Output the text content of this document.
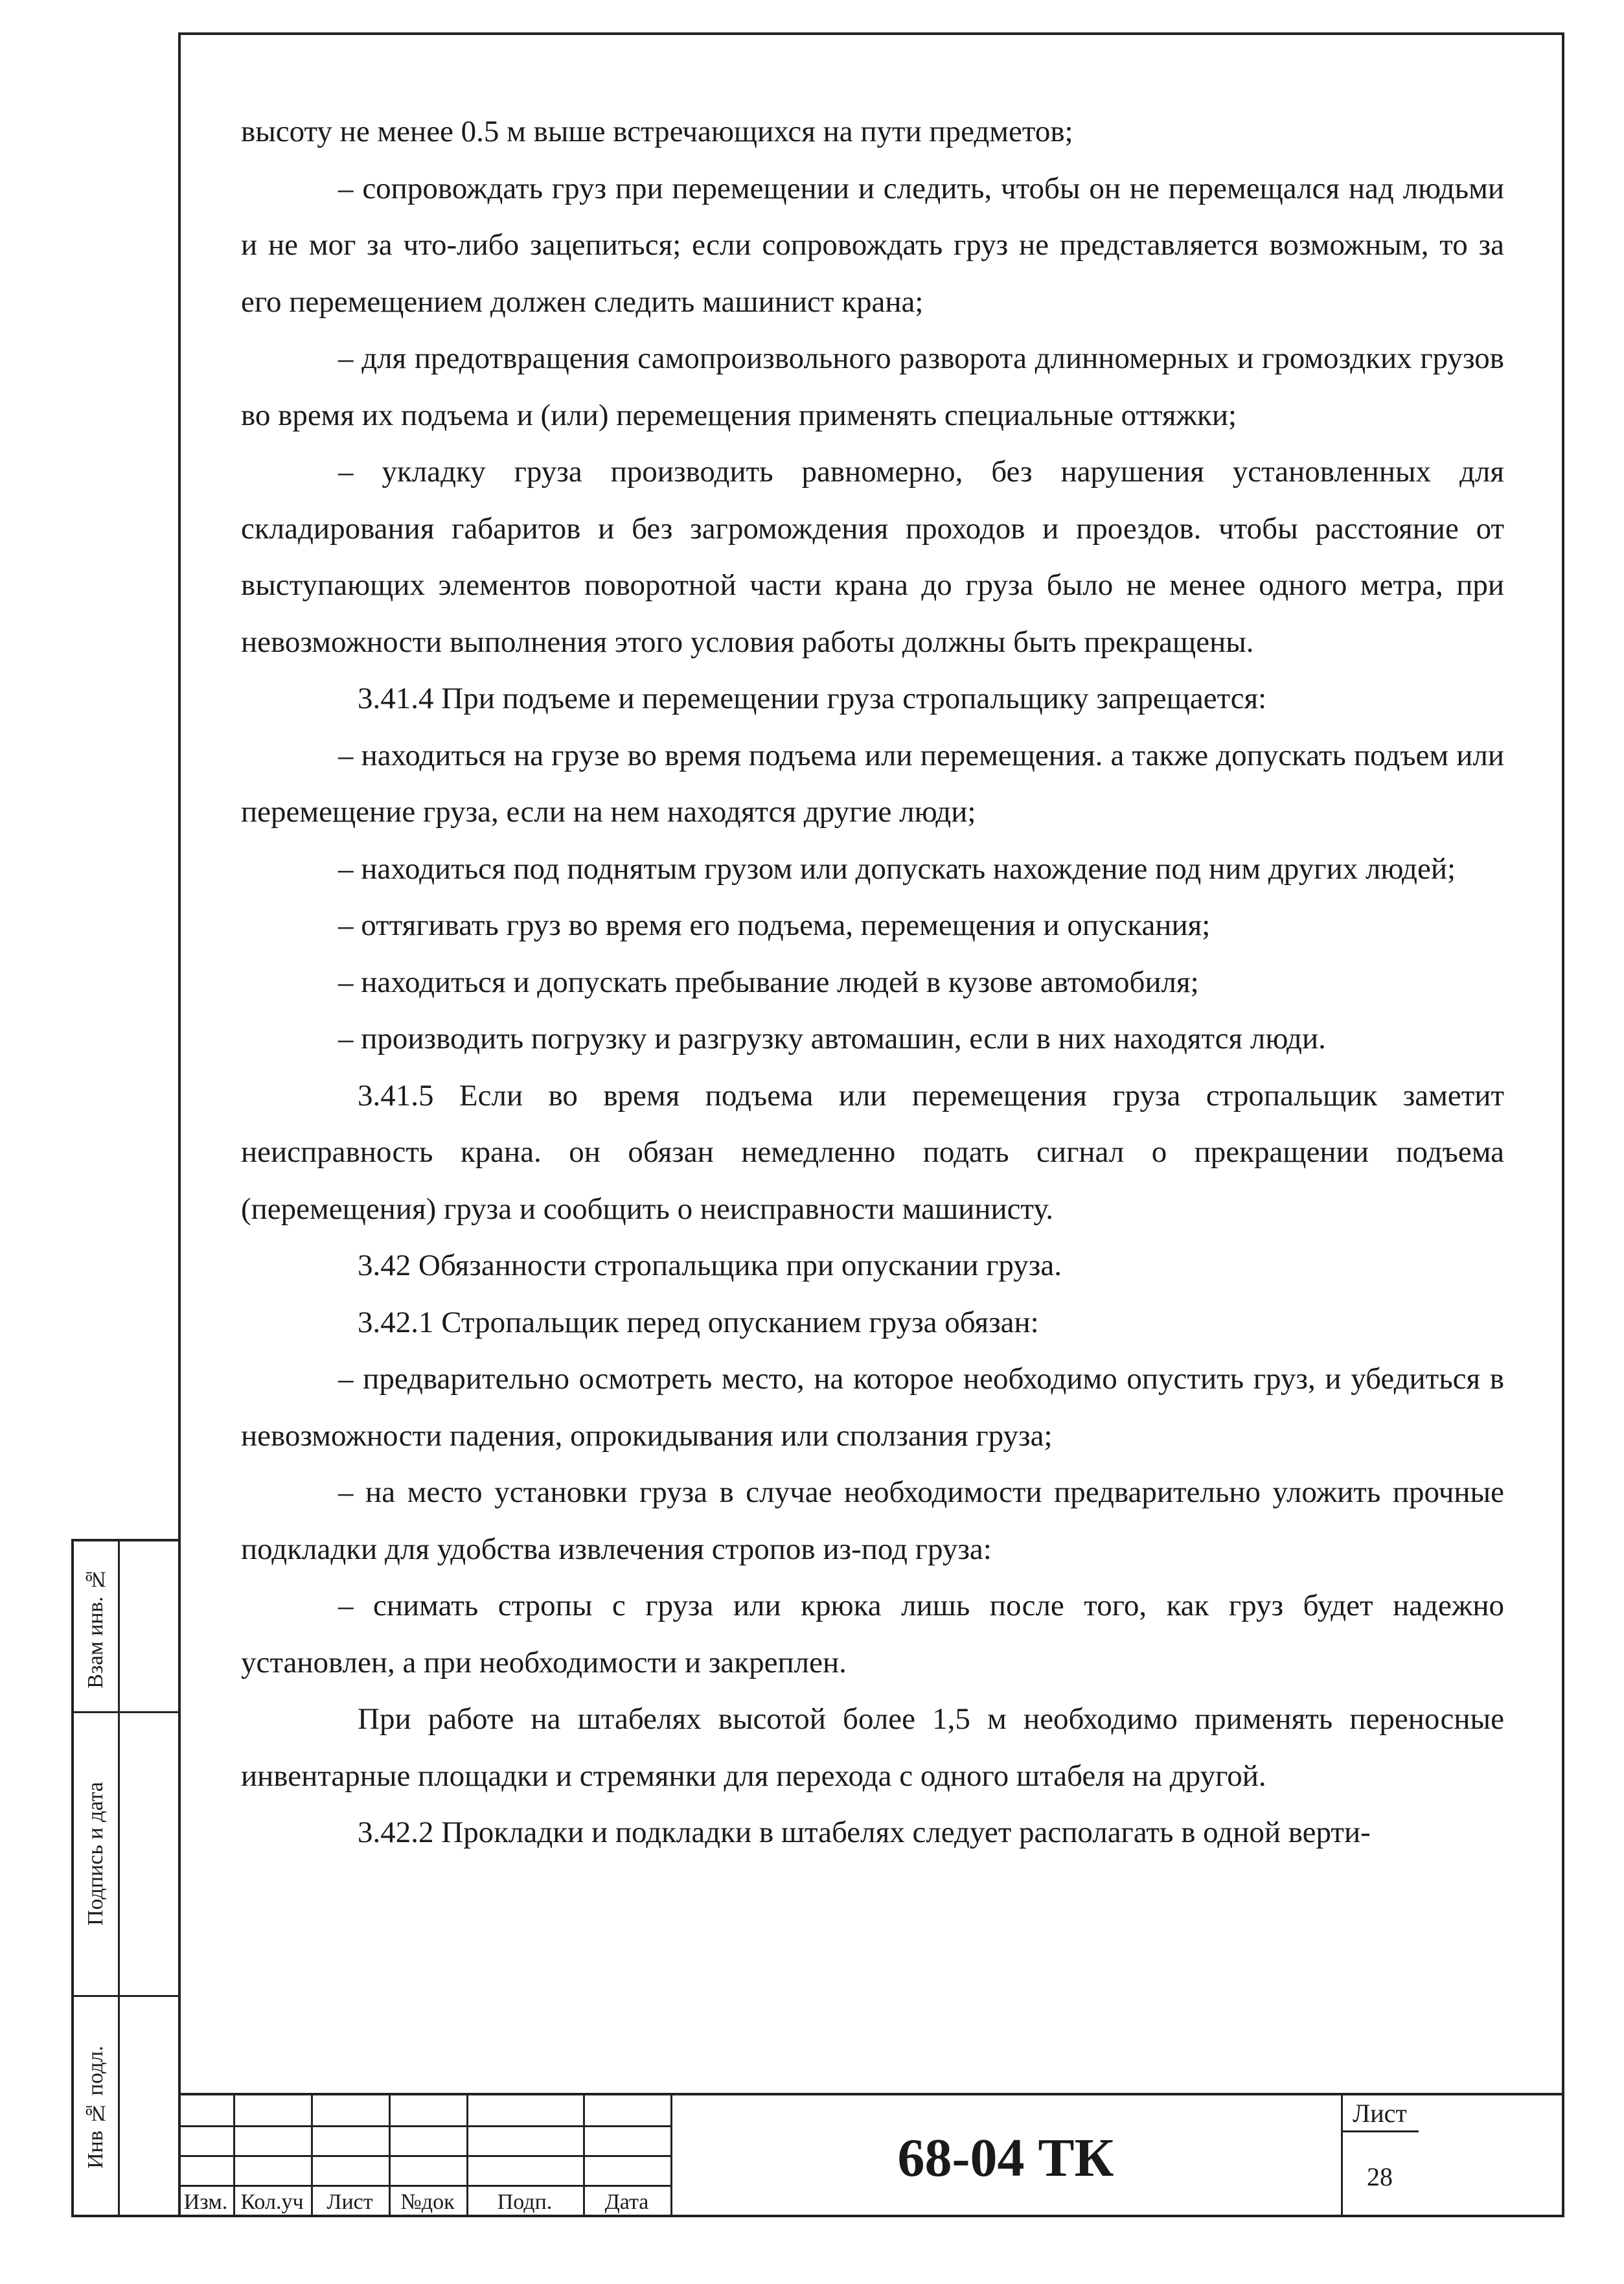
высоту не менее 0.5 м выше встречающихся на пути предметов;

– сопровождать груз при перемещении и следить, чтобы он не перемещался над людьми и не мог за что-либо зацепиться; если сопровождать груз не представляется возможным, то за его перемещением должен следить машинист крана;

– для предотвращения самопроизвольного разворота длинномерных и громоздких грузов во время их подъема и (или) перемещения применять специальные оттяжки;

– укладку груза производить равномерно, без нарушения установленных для складирования габаритов и без загромождения проходов и проездов. чтобы расстояние от выступающих элементов поворотной части крана до груза было не менее одного метра, при невозможности выполнения этого условия работы должны быть прекращены.

3.41.4 При подъеме и перемещении груза стропальщику запрещается:

– находиться на грузе во время подъема или перемещения. а также допускать подъем или перемещение груза, если на нем находятся другие люди;

– находиться под поднятым грузом или допускать нахождение под ним других людей;

– оттягивать груз во время его подъема, перемещения и опускания;

– находиться и допускать пребывание людей в кузове автомобиля;

– производить погрузку и разгрузку автомашин, если в них находятся люди.

3.41.5 Если во время подъема или перемещения груза стропальщик заметит неисправность крана. он обязан немедленно подать сигнал о прекращении подъема (перемещения) груза и сообщить о неисправности машинисту.

3.42 Обязанности стропальщика при опускании груза.

3.42.1 Стропальщик перед опусканием груза обязан:

– предварительно осмотреть место, на которое необходимо опустить груз, и убедиться в невозможности падения, опрокидывания или сползания груза;

– на место установки груза в случае необходимости предварительно уложить прочные подкладки для удобства извлечения стропов из-под груза:

– снимать стропы с груза или крюка лишь после того, как груз будет надежно установлен, а при необходимости и закреплен.

При работе на штабелях высотой более 1,5 м необходимо применять переносные инвентарные площадки и стремянки для перехода с одного штабеля на другой.

3.42.2 Прокладки и подкладки в штабелях следует располагать в одной верти-

Взам инв. №
Подпись и дата
Инв № подл.
Изм. Кол.уч	Лист	№док	Подп.	Дата
68-04 ТК
Лист
28
